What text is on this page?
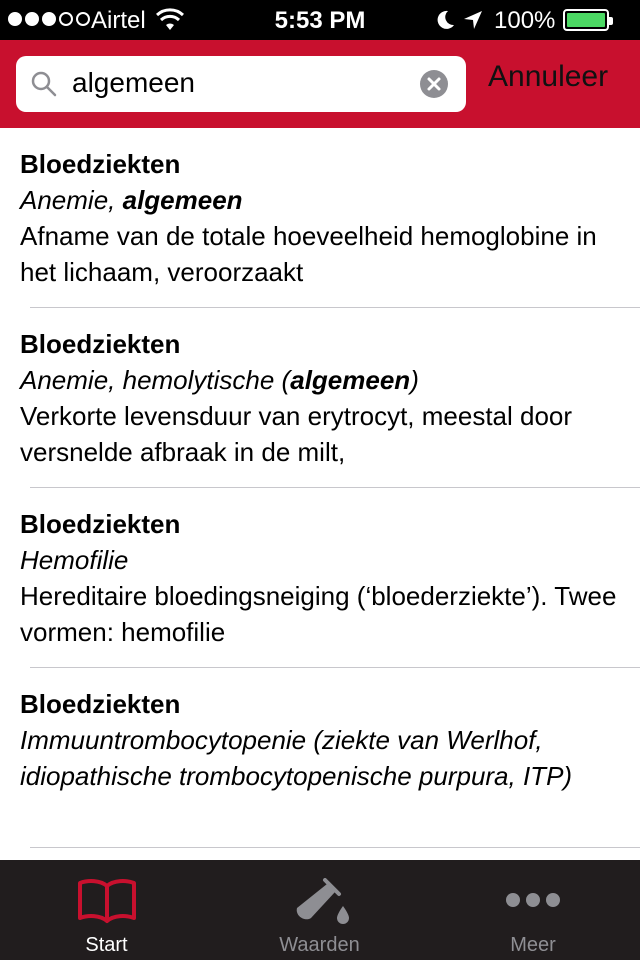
Airtel	5:53 PM	100%
algemeen
Annuleer
Bloedziekten
Anemie, algemeen
Afname van de totale hoeveelheid hemoglobine in het lichaam, veroorzaakt
Bloedziekten
Anemie, hemolytische (algemeen)
Verkorte levensduur van erytrocyt, meestal door versnelde afbraak in de milt,
Bloedziekten
Hemofilie
Hereditaire bloedingsneiging (‘bloederziekte’). Twee vormen: hemofilie
Bloedziekten
Immuuntrombocytopenie (ziekte van Werlhof, idiopathische trombocytopenische purpura, ITP)
Start	Waarden	Meer
